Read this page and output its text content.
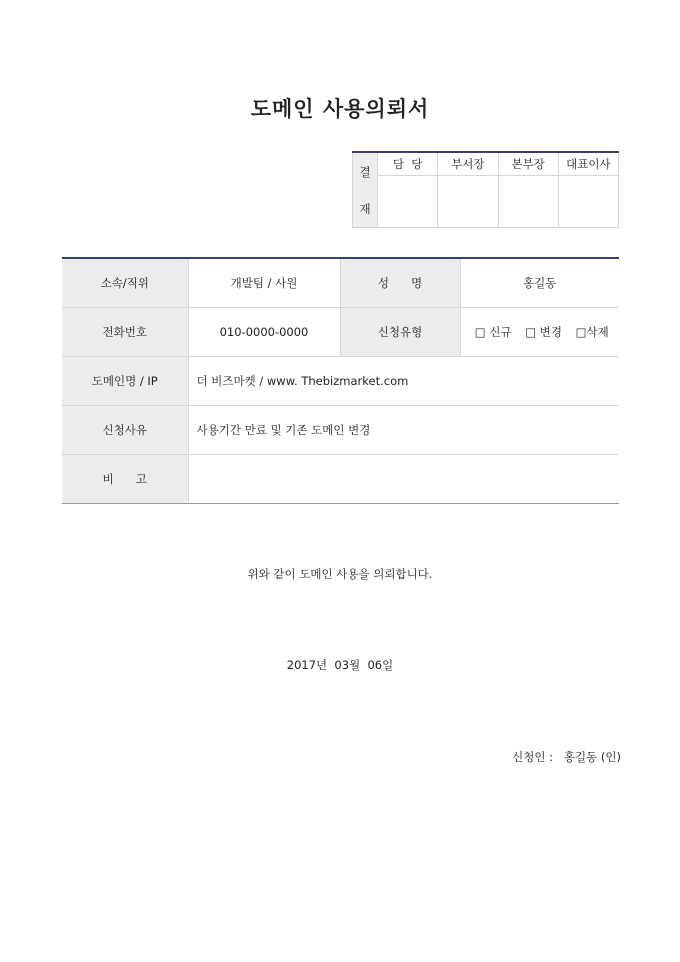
도메인 사용의뢰서
결
재	담  당	부서장	본부장	대표이사

소속/직위	개발팀 / 사원	성      명	홍길동
전화번호	010-0000-0000	신청유형	□ 신규 □ 변경 □삭제
도메인명 / IP	더 비즈마켓 / www. Thebizmarket.com		
신청사유	사용기간 만료 및 기존 도메인 변경		
비      고			
위와 같이 도메인 사용을 의뢰합니다.
2017년  03월  06일
신청인 :   홍길동 (인)
